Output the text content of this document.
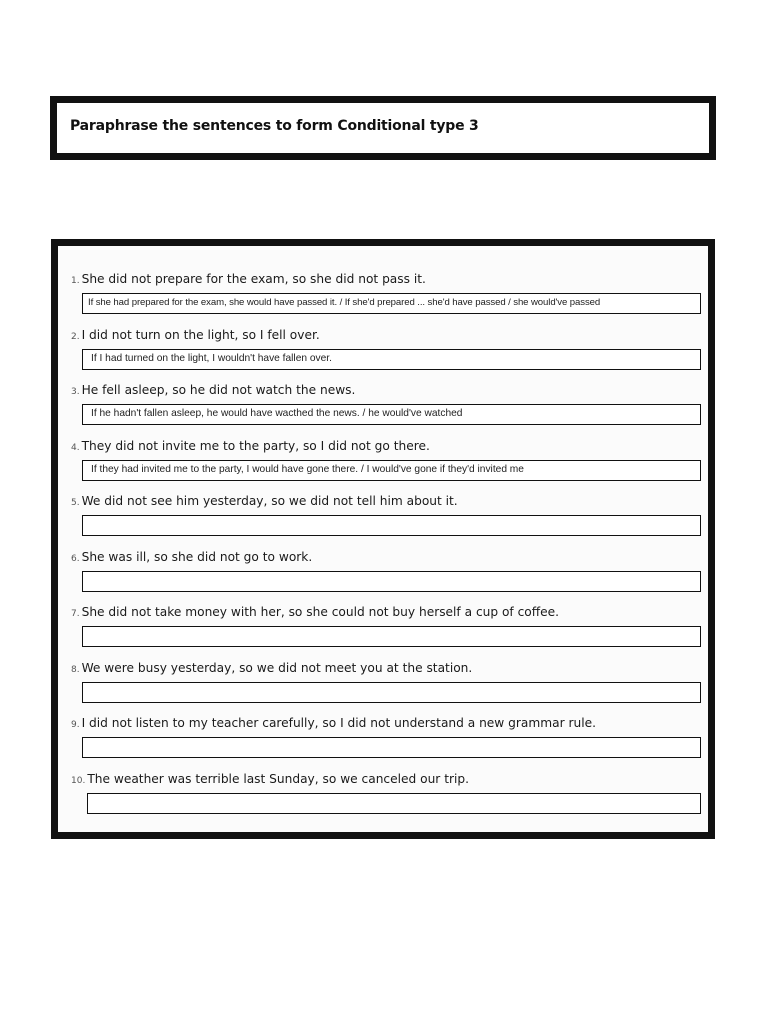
Paraphrase the sentences to form Conditional type 3
1. She did not prepare for the exam, so she did not pass it.
If she had prepared for the exam, she would have passed it. / If she'd prepared ... she'd have passed / she would've passed
2. I did not turn on the light, so I fell over.
If I had turned on the light, I wouldn't have fallen over.
3. He fell asleep, so he did not watch the news.
If he hadn't fallen asleep, he would have wacthed the news. / he would've watched
4. They did not invite me to the party, so I did not go there.
If they had invited me to the party, I would have gone there. / I would've gone if they'd invited me
5. We did not see him yesterday, so we did not tell him about it.
6. She was ill, so she did not go to work.
7. She did not take money with her, so she could not buy herself a cup of coffee.
8. We were busy yesterday, so we did not meet you at the station.
9. I did not listen to my teacher carefully, so I did not understand a new grammar rule.
10. The weather was terrible last Sunday, so we canceled our trip.
